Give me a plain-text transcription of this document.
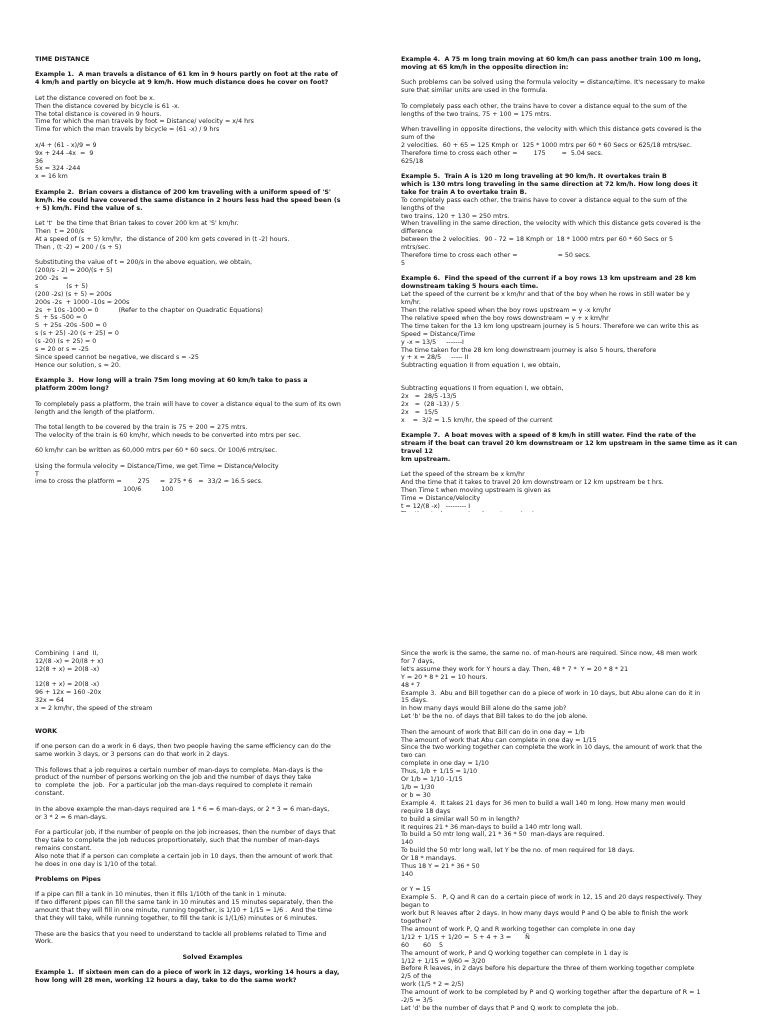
TIME DISTANCE
Example 1.  A man travels a distance of 61 km in 9 hours partly on foot at the rate of
4 km/h and partly on bicycle at 9 km/h. How much distance does he cover on foot?
Let the distance covered on foot be x.
Then the distance covered by bicycle is 61 -x.
The total distance is covered in 9 hours.
Time for which the man travels by foot = Distance/ velocity = x/4 hrs
Time for which the man travels by bicycle = (61 -x) / 9 hrs
x/4 + (61 - x)/9 = 9
9x + 244 -4x  =  9
36
5x = 324 -244
x = 16 km
Example 2.  Brian covers a distance of 200 km traveling with a uniform speed of 'S'
km/h. He could have covered the same distance in 2 hours less had the speed been (s
+ 5) km/h. Find the value of s.
Let 't'  be the time that Brian takes to cover 200 km at 'S' km/hr.
Then  t = 200/s
At a speed of (s + 5) km/hr,  the distance of 200 km gets covered in (t -2) hours.
Then , (t -2) = 200 / (s + 5)
Substituting the value of t = 200/s in the above equation, we obtain,
(200/s - 2) = 200/(s + 5)
200 -2s  =
s              (s + 5)
(200 -2s) (s + 5) = 200s
200s -2s  + 1000 -10s = 200s
2s  + 10s -1000 = 0          (Refer to the chapter on Quadratic Equations)
S  + 5s -500 = 0
S  + 25s -20s -500 = 0
s (s + 25) -20 (s + 25) = 0
(s -20) (s + 25) = 0
s = 20 or s = -25
Since speed cannot be negative, we discard s = -25
Hence our solution, s = 20.
Example 3.  How long will a train 75m long moving at 60 km/h take to pass a
platform 200m long?
To completely pass a platform, the train will have to cover a distance equal to the sum of its own
length and the length of the platform.
The total length to be covered by the train is 75 + 200 = 275 mtrs.
The velocity of the train is 60 km/hr, which needs to be converted into mtrs per sec.
60 km/hr can be written as 60,000 mtrs per 60 * 60 secs. Or 100/6 mtrs/sec.
Using the formula velocity = Distance/Time, we get Time = Distance/Velocity
T
ime to cross the platform =        275     =  275 * 6   =  33/2 = 16.5 secs.
100/6          100
Example 4.  A 75 m long train moving at 60 km/h can pass another train 100 m long,
moving at 65 km/h in the opposite direction in:
Such problems can be solved using the formula velocity = distance/time. It's necessary to make
sure that similar units are used in the formula.
To completely pass each other, the trains have to cover a distance equal to the sum of the
lengths of the two trains, 75 + 100 = 175 mtrs.
When travelling in opposite directions, the velocity with which this distance gets covered is the
sum of the
2 velocities.  60 + 65 = 125 Kmph or  125 * 1000 mtrs per 60 * 60 Secs or 625/18 mtrs/sec.
Therefore time to cross each other =        175        =  5.04 secs.
625/18
Example 5.  Train A is 120 m long traveling at 90 km/h. It overtakes train B
which is 130 mtrs long traveling in the same direction at 72 km/h. How long does it
take for train A to overtake train B.
To completely pass each other, the trains have to cover a distance equal to the sum of the
lengths of the
two trains, 120 + 130 = 250 mtrs.
When travelling in the same direction, the velocity with which this distance gets covered is the
difference
between the 2 velocities.  90 - 72 = 18 Kmph or  18 * 1000 mtrs per 60 * 60 Secs or 5
mtrs/sec.
Therefore time to cross each other =                    = 50 secs.
5
Example 6.  Find the speed of the current if a boy rows 13 km upstream and 28 km
downstream taking 5 hours each time.
Let the speed of the current be x km/hr and that of the boy when he rows in still water be y
km/hr.
Then the relative speed when the boy rows upstream = y -x km/hr
The relative speed when the boy rows downstream = y + x km/hr
The time taken for the 13 km long upstream journey is 5 hours. Therefore we can write this as
Speed = Distance/Time
y -x = 13/5     -------I
The time taken for the 28 km long downstream journey is also 5 hours, therefore
y + x = 28/5     ----- II
Subtracting equation II from equation I, we obtain,
Subtracting equations II from equation I, we obtain,
2x   =  28/5 -13/5
2x   =  (28 -13) / 5
2x   =  15/5
x    =  3/2 = 1.5 km/hr, the speed of the current
Example 7.  A boat moves with a speed of 8 km/h in still water. Find the rate of the
stream if the boat can travel 20 km downstream or 12 km upstream in the same time as it can travel 12
km upstream.
Let the speed of the stream be x km/hr
And the time that it takes to travel 20 km downstream or 12 km upstream be t hrs.
Then Time t when moving upstream is given as
Time = Distance/Velocity
t = 12/(8 -x)   --------- I
Combining  I and  II,
12/(8 -x) = 20/(8 + x)
12(8 + x) = 20(8 -x)
12(8 + x) = 20(8 -x)
96 + 12x = 160 -20x
32x = 64
x = 2 km/hr, the speed of the stream
WORK
If one person can do a work in 6 days, then two people having the same efficiency can do the
same workin 3 days, or 3 persons can do that work in 2 days.
This follows that a job requires a certain number of man-days to complete. Man-days is the
product of the number of persons working on the job and the number of days they take
to  complete  the  job.  For a particular job the man-days required to complete it remain
constant.
In the above example the man-days required are 1 * 6 = 6 man-days, or 2 * 3 = 6 man-days,
or 3 * 2 = 6 man-days.
For a particular job, if the number of people on the job increases, then the number of days that
they take to complete the job reduces proportionately, such that the number of man-days
remains constant.
Also note that if a person can complete a certain job in 10 days, then the amount of work that
he does in one day is 1/10 of the total.
Problems on Pipes
If a pipe can fill a tank in 10 minutes, then it fills 1/10th of the tank in 1 minute.
If two different pipes can fill the same tank in 10 minutes and 15 minutes separately, then the
amount that they will fill in one minute, running together, is 1/10 + 1/15 = 1/6 .  And the time
that they will take, while running together, to fill the tank is 1/(1/6) minutes or 6 minutes.
These are the basics that you need to understand to tackle all problems related to Time and
Work.
Solved Examples
Example 1.  If sixteen men can do a piece of work in 12 days, working 14 hours a day,
how long will 28 men, working 12 hours a day, take to do the same work?
Since the work is the same, the same no. of man-hours are required. Since now, 48 men work
for 7 days,
let's assume they work for Y hours a day. Then, 48 * 7 *  Y = 20 * 8 * 21
Y = 20 * 8 * 21 = 10 hours.
48 * 7
Example 3.  Abu and Bill together can do a piece of work in 10 days, but Abu alone can do it in
15 days.
In how many days would Bill alone do the same job?
Let 'b' be the no. of days that Bill takes to do the job alone.
Then the amount of work that Bill can do in one day = 1/b
The amount of work that Abu can complete in one day = 1/15
Since the two working together can complete the work in 10 days, the amount of work that the
two can
complete in one day = 1/10
Thus, 1/b + 1/15 = 1/10
Or 1/b = 1/10 -1/15
1/b = 1/30
or b = 30
Example 4.  It takes 21 days for 36 men to build a wall 140 m long. How many men would
require 18 days
to build a similar wall 50 m in length?
It requires 21 * 36 man-days to build a 140 mtr long wall.
To build a 50 mtr long wall, 21 * 36 * 50  man-days are required.
140
To build the 50 mtr long wall, let Y be the no. of men required for 18 days.
Or 18 * mandays.
Thus 18 Y = 21 * 36 * 50
140
or Y = 15
Example 5.   P, Q and R can do a certain piece of work in 12, 15 and 20 days respectively. They
began to
work but R leaves after 2 days. In how many days would P and Q be able to finish the work
together?
The amount of work P, Q and R working together can complete in one day
1/12 + 1/15 + 1/20 =  5 + 4 + 3 =       Ñ
60       60    5
The amount of work, P and Q working together can complete in 1 day is
1/12 + 1/15 = 9/60 = 3/20
Before R leaves, in 2 days before his departure the three of them working together complete
2/5 of the
work (1/5 * 2 = 2/5)
The amount of work to be completed by P and Q working together after the departure of R = 1
-2/5 = 3/5
Let 'd' be the number of days that P and Q work to complete the job.
